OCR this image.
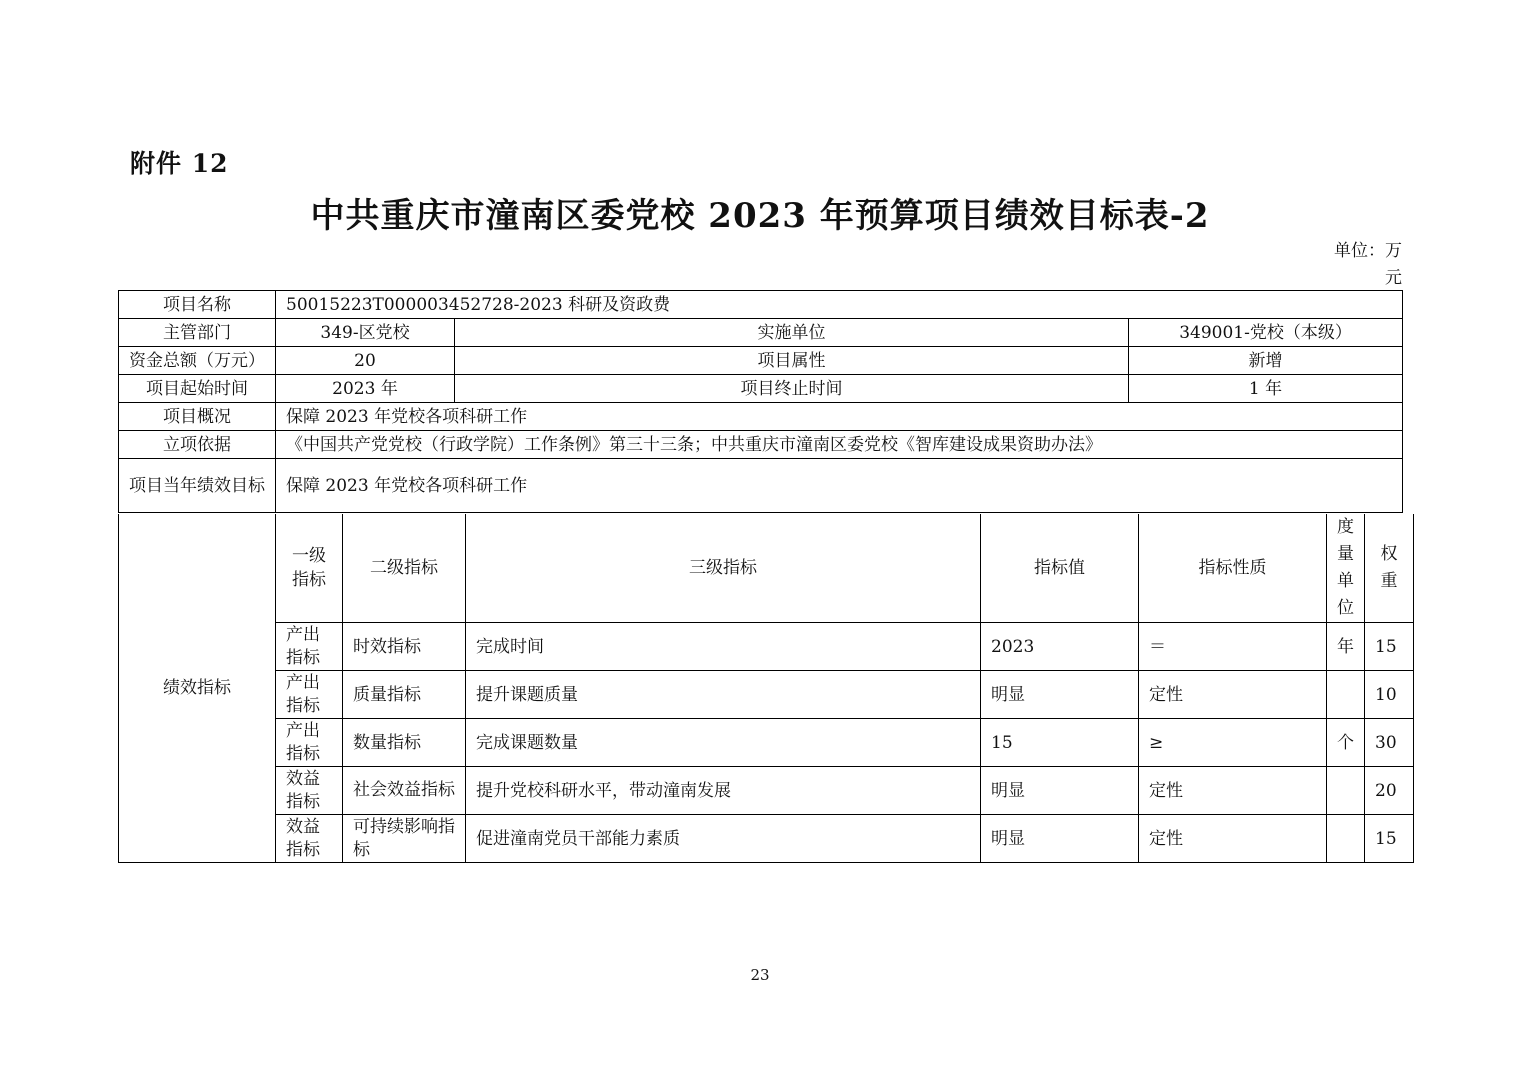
附件 12
中共重庆市潼南区委党校 2023 年预算项目绩效目标表-2
单位：万
元
项目名称	50015223T000003452728-2023 科研及资政费		
主管部门	349-区党校	实施单位	349001-党校（本级）
资金总额（万元）	20	项目属性	新增
项目起始时间	2023 年	项目终止时间	1 年
项目概况	保障 2023 年党校各项科研工作		
立项依据	《中国共产党党校（行政学院）工作条例》第三十三条；中共重庆市潼南区委党校《智库建设成果资助办法》		
项目当年绩效目标	保障 2023 年党校各项科研工作		
绩效指标	一级指标	二级指标	三级指标	指标值	指标性质	度量单位	权重
	产出指标	时效指标	完成时间	2023	＝	年	15
	产出指标	质量指标	提升课题质量	明显	定性		10
	产出指标	数量指标	完成课题数量	15	≥	个	30
	效益指标	社会效益指标	提升党校科研水平，带动潼南发展	明显	定性		20
	效益指标	可持续影响指标	促进潼南党员干部能力素质	明显	定性		15
23
